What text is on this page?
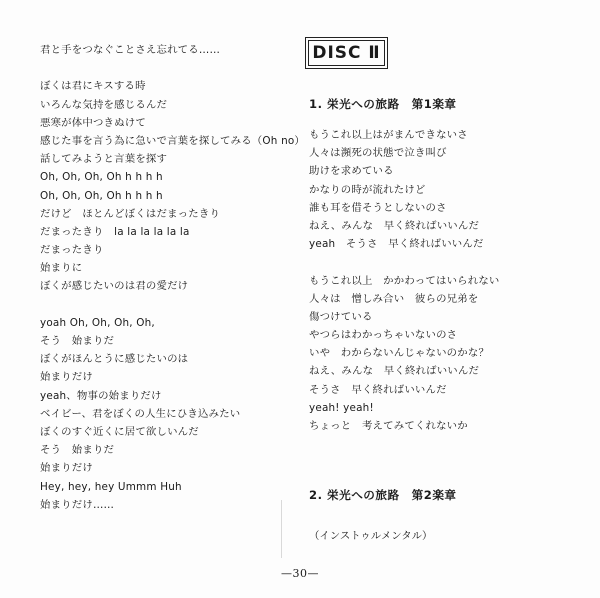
君と手をつなぐことさえ忘れてる……
ぼくは君にキスする時
いろんな気持を感じるんだ
悪寒が体中つきぬけて
感じた事を言う為に急いで言葉を探してみる（Oh no）
話してみようと言葉を探す
Oh, Oh, Oh, Oh h h h h
Oh, Oh, Oh, Oh h h h h
だけど　ほとんどぼくはだまったきり
だまったきり　la la la la la la
だまったきり
始まりに
ぼくが感じたいのは君の愛だけ
yoah Oh, Oh, Oh, Oh,
そう　始まりだ
ぼくがほんとうに感じたいのは
始まりだけ
yeah、物事の始まりだけ
ベイビー、君をぼくの人生にひき込みたい
ぼくのすぐ近くに居て欲しいんだ
そう　始まりだ
始まりだけ
Hey, hey, hey Ummm Huh
始まりだけ……
DISC Ⅱ
1. 栄光への旅路　第1楽章
もうこれ以上はがまんできないさ
人々は瀕死の状態で泣き叫び
助けを求めている
かなりの時が流れたけど
誰も耳を借そうとしないのさ
ねえ、みんな　早く終ればいいんだ
yeah　そうさ　早く終ればいいんだ
もうこれ以上　かかわってはいられない
人々は　憎しみ合い　彼らの兄弟を
傷つけている
やつらはわかっちゃいないのさ
いや　わからないんじゃないのかな？
ねえ、みんな　早く終ればいいんだ
そうさ　早く終ればいいんだ
yeah! yeah!
ちょっと　考えてみてくれないか
2. 栄光への旅路　第2楽章
（インストゥルメンタル）
—30—
